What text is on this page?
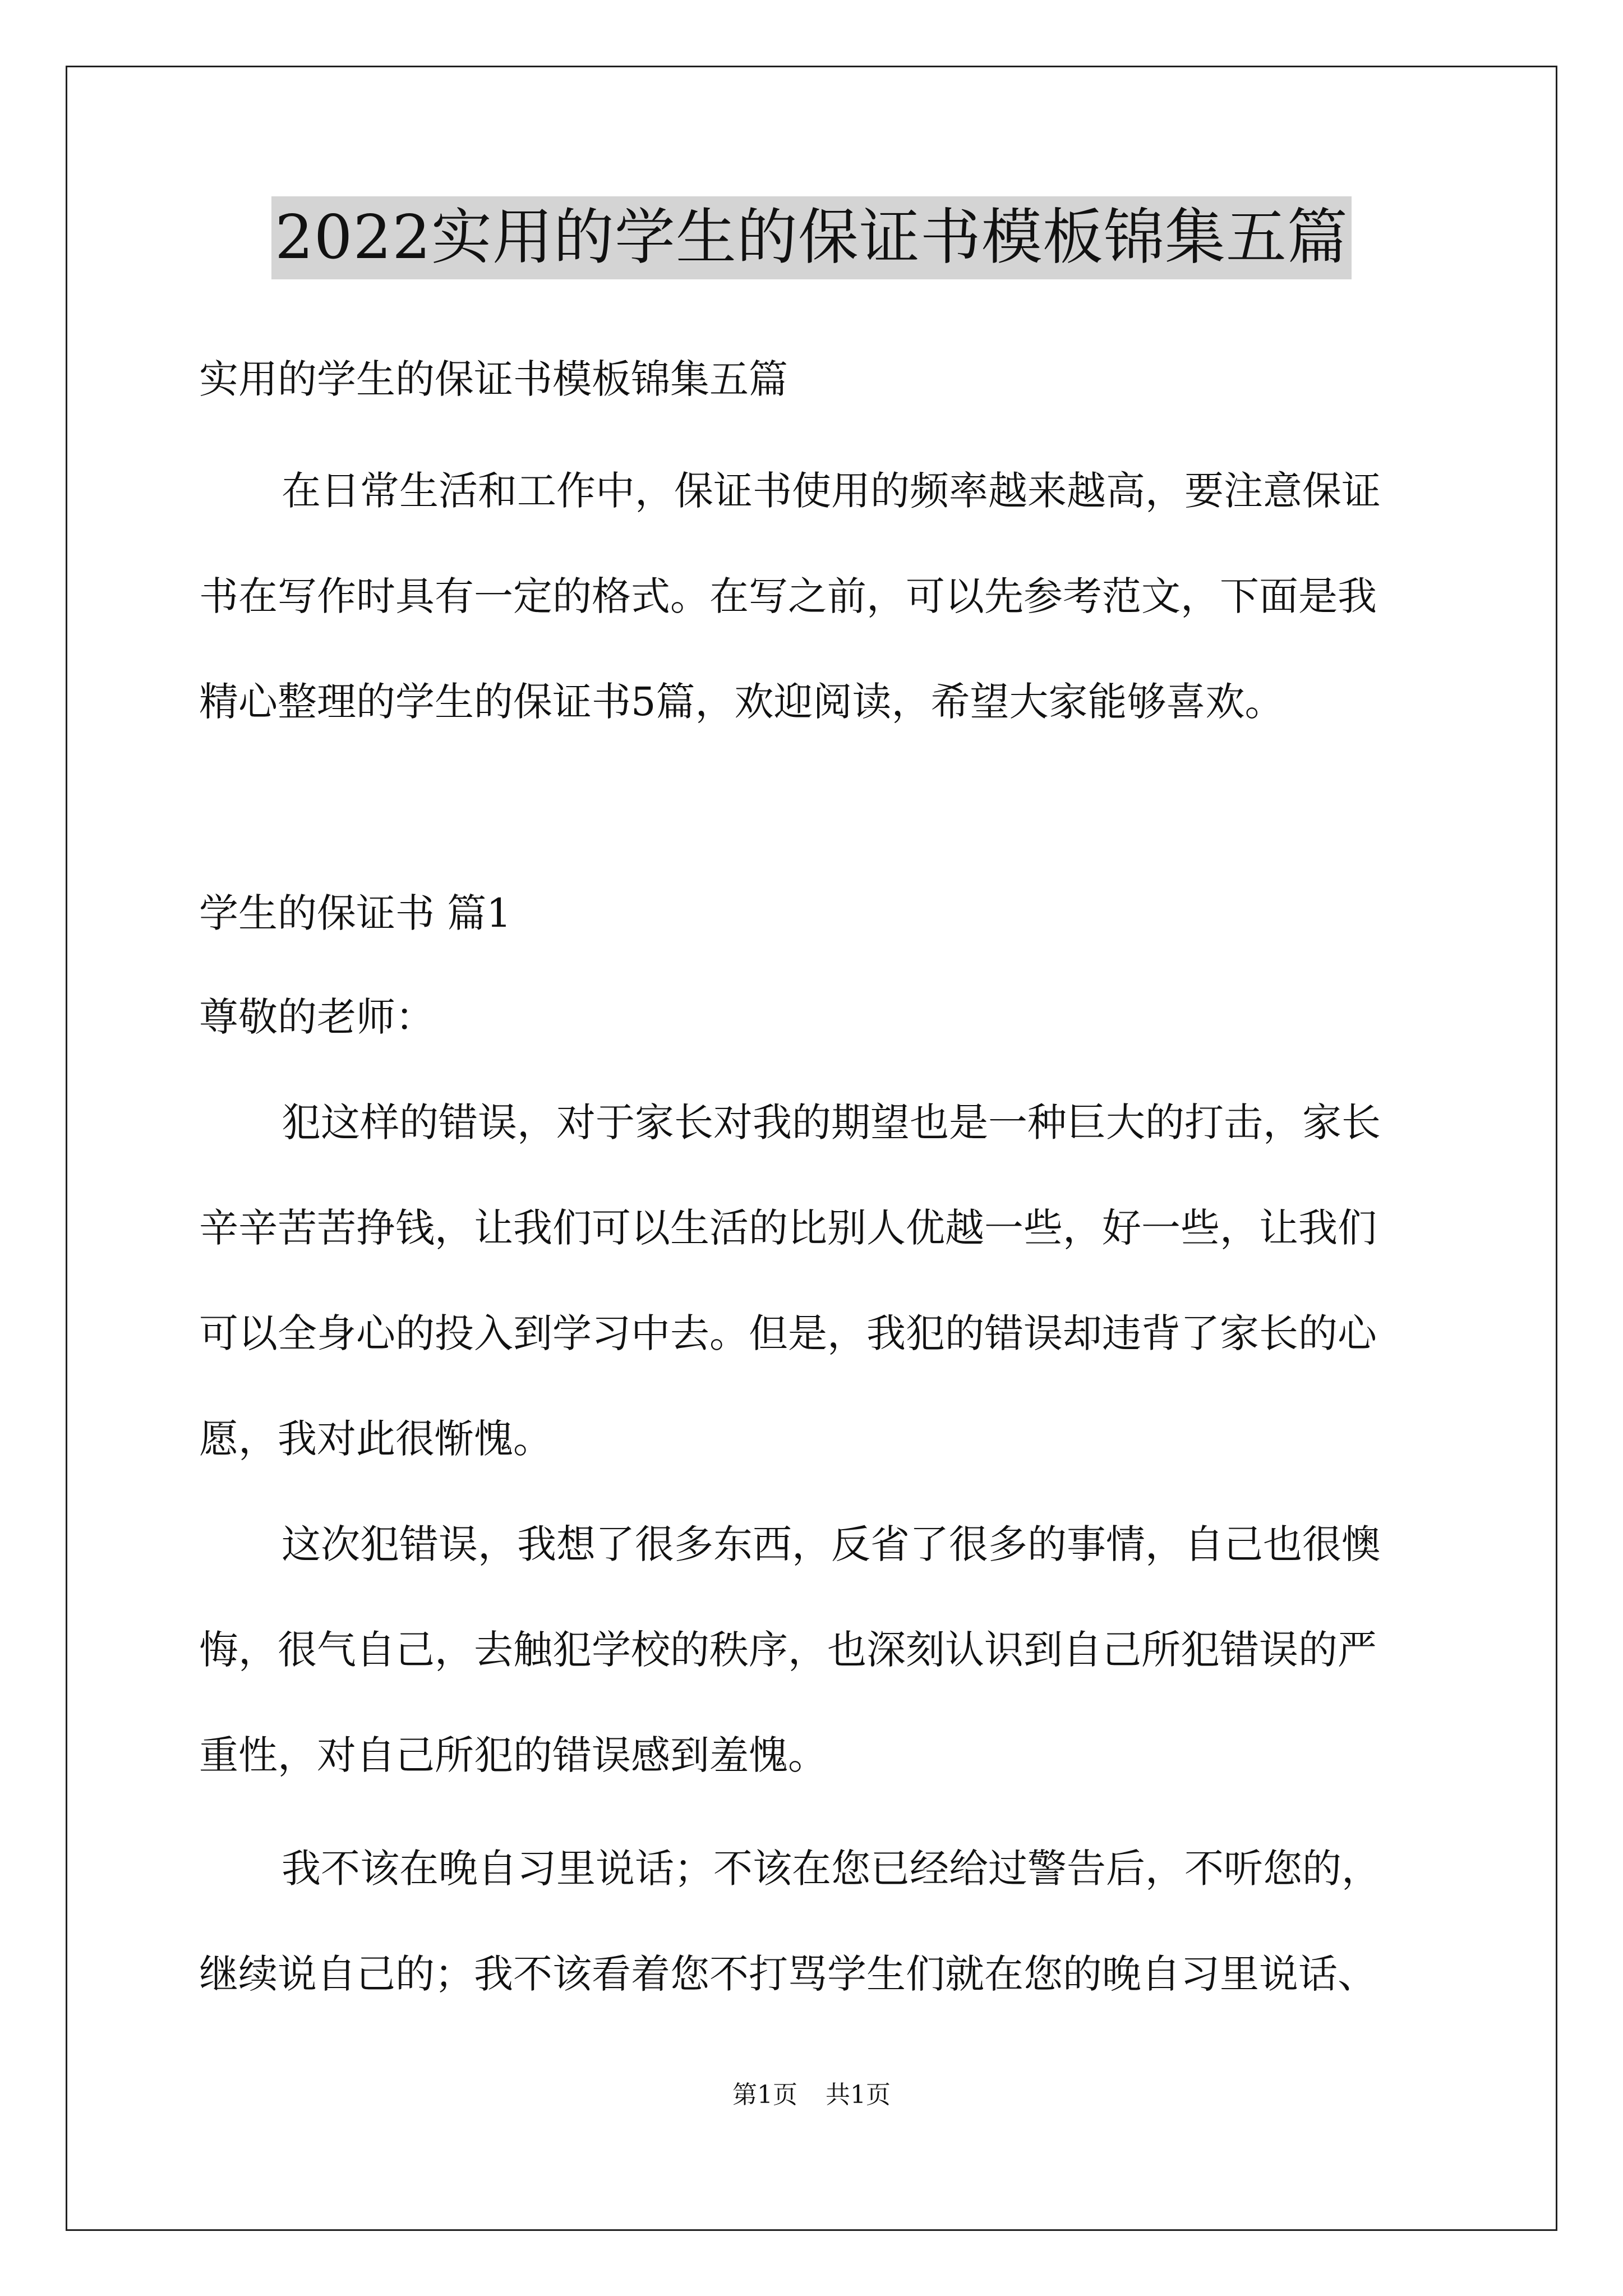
2022实用的学生的保证书模板锦集五篇
实用的学生的保证书模板锦集五篇
在日常生活和工作中，保证书使用的频率越来越高，要注意保证
书在写作时具有一定的格式。在写之前，可以先参考范文，下面是我
精心整理的学生的保证书5篇，欢迎阅读，希望大家能够喜欢。
学生的保证书 篇1
尊敬的老师：
犯这样的错误，对于家长对我的期望也是一种巨大的打击，家长
辛辛苦苦挣钱，让我们可以生活的比别人优越一些，好一些，让我们
可以全身心的投入到学习中去。但是，我犯的错误却违背了家长的心
愿，我对此很惭愧。
这次犯错误，我想了很多东西，反省了很多的事情，自己也很懊
悔，很气自己，去触犯学校的秩序，也深刻认识到自己所犯错误的严
重性，对自己所犯的错误感到羞愧。
我不该在晚自习里说话；不该在您已经给过警告后，不听您的，
继续说自己的；我不该看着您不打骂学生们就在您的晚自习里说话、
第1页 共1页
